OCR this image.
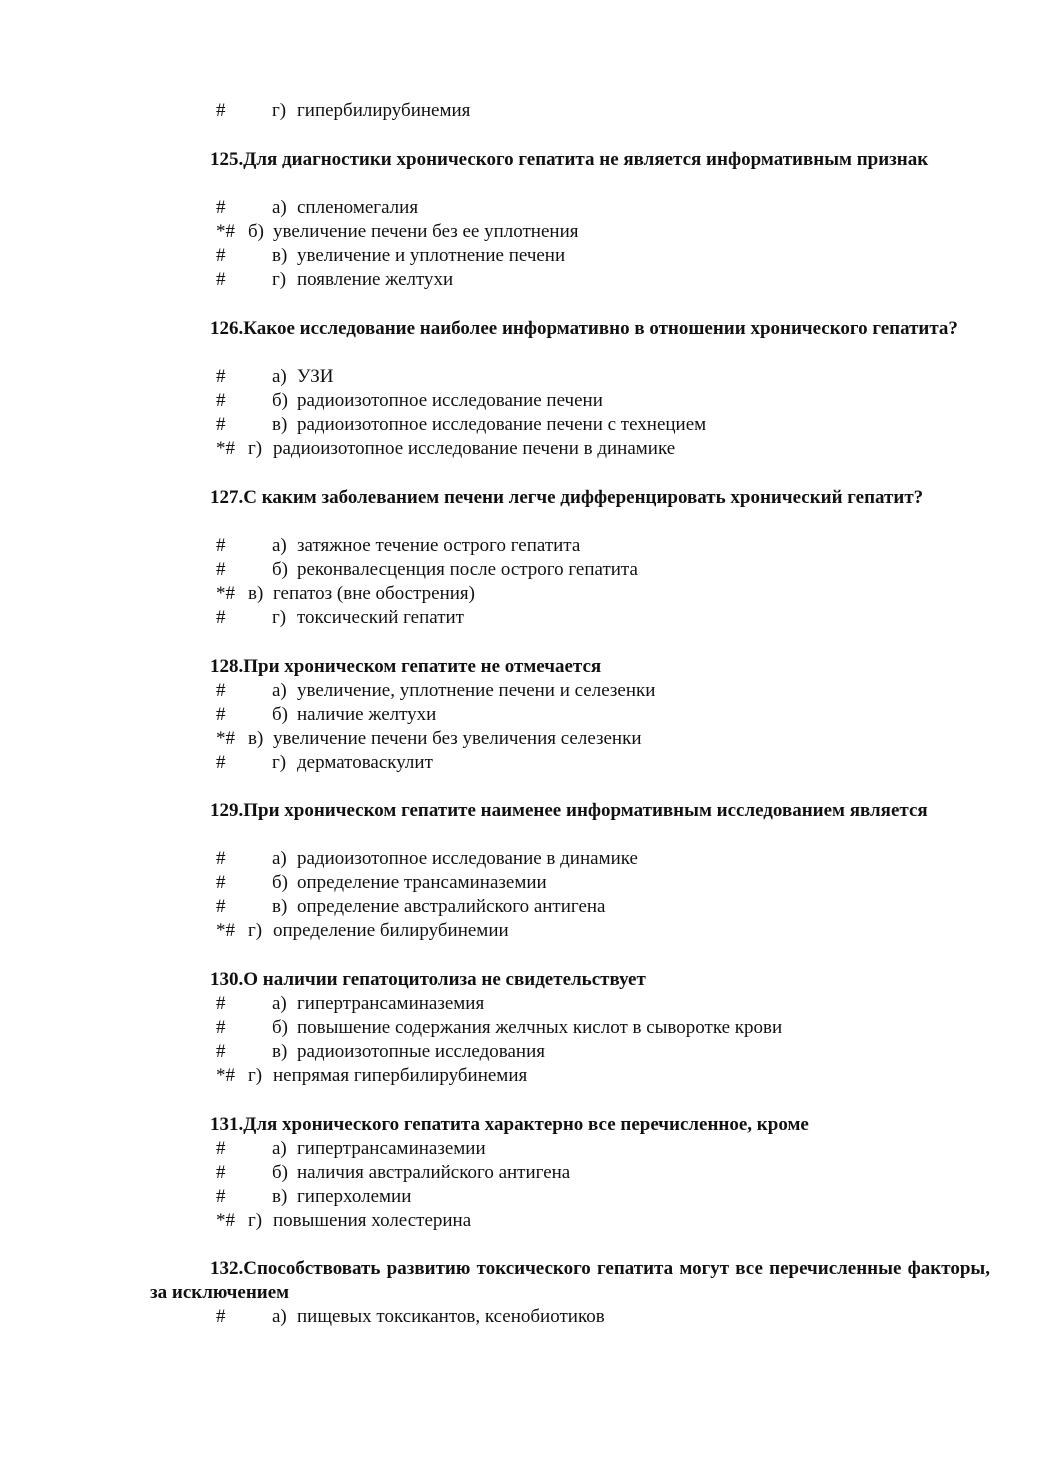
# г) гипербилирубинемия
125.Для диагностики хронического гепатита не является информативным признак
# а) спленомегалия
*# б) увеличение печени без ее уплотнения
# в) увеличение и уплотнение печени
# г) появление желтухи
126.Какое исследование наиболее информативно в отношении хронического гепатита?
# а) УЗИ
# б) радиоизотопное исследование печени
# в) радиоизотопное исследование печени с технецием
*# г) радиоизотопное исследование печени в динамике
127.С каким заболеванием печени легче дифференцировать хронический гепатит?
# а) затяжное течение острого гепатита
# б) реконвалесценция после острого гепатита
*# в) гепатоз (вне обострения)
# г) токсический гепатит
128.При хроническом гепатите не отмечается
# а) увеличение, уплотнение печени и селезенки
# б) наличие желтухи
*# в) увеличение печени без увеличения селезенки
# г) дерматоваскулит
129.При хроническом гепатите наименее информативным исследованием является
# а) радиоизотопное исследование в динамике
# б) определение трансаминаземии
# в) определение австралийского антигена
*# г) определение билирубинемии
130.О наличии гепатоцитолиза не свидетельствует
# а) гипертрансаминаземия
# б) повышение содержания желчных кислот в сыворотке крови
# в) радиоизотопные исследования
*# г) непрямая гипербилирубинемия
131.Для хронического гепатита характерно все перечисленное, кроме
# а) гипертрансаминаземии
# б) наличия австралийского антигена
# в) гиперхолемии
*# г) повышения холестерина
132.Способствовать развитию токсического гепатита могут все перечисленные факторы, за исключением
# а) пищевых токсикантов, ксенобиотиков
